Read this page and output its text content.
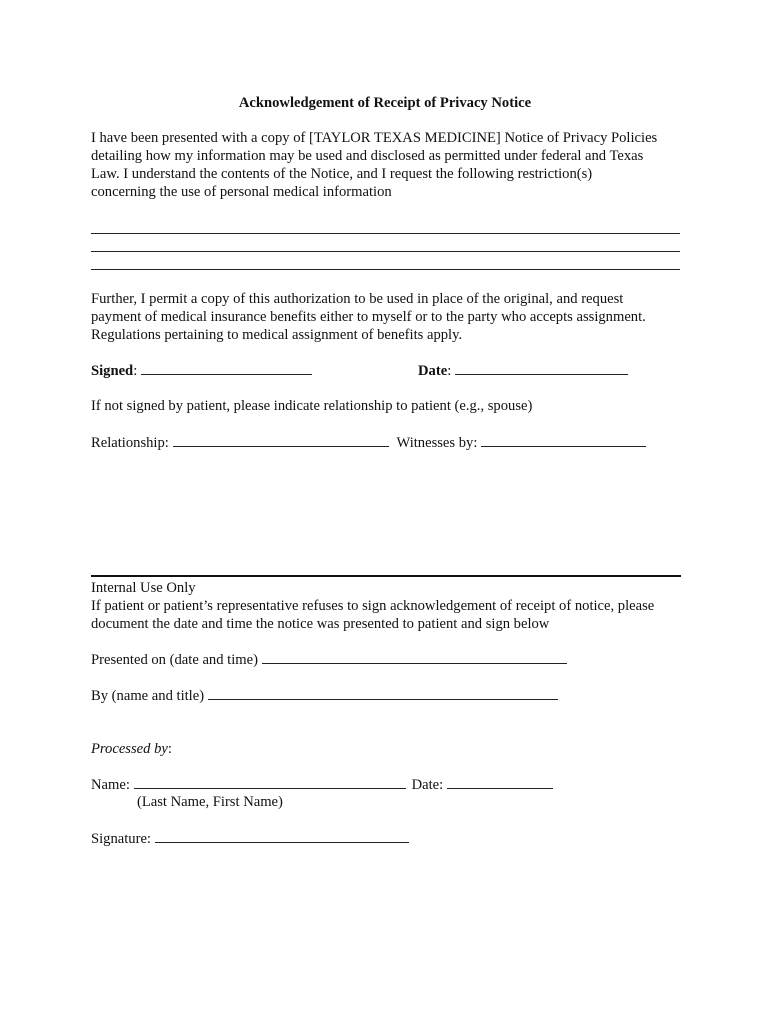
Acknowledgement of Receipt of Privacy Notice
I have been presented with a copy of [TAYLOR TEXAS MEDICINE] Notice of Privacy Policies
detailing how my information may be used and disclosed as permitted under federal and Texas
Law. I understand the contents of the Notice, and I request the following restriction(s)
concerning the use of personal medical information
Further, I permit a copy of this authorization to be used in place of the original, and request
payment of medical insurance benefits either to myself or to the party who accepts assignment.
Regulations pertaining to medical assignment of benefits apply.
Signed:	Date:
If not signed by patient, please indicate relationship to patient (e.g., spouse)
Relationship:	Witnesses by:
Internal Use Only
If patient or patient’s representative refuses to sign acknowledgement of receipt of notice, please
document the date and time the notice was presented to patient and sign below
Presented on (date and time)
By (name and title)
Processed by:
Name:	Date:
(Last Name, First Name)
Signature:
